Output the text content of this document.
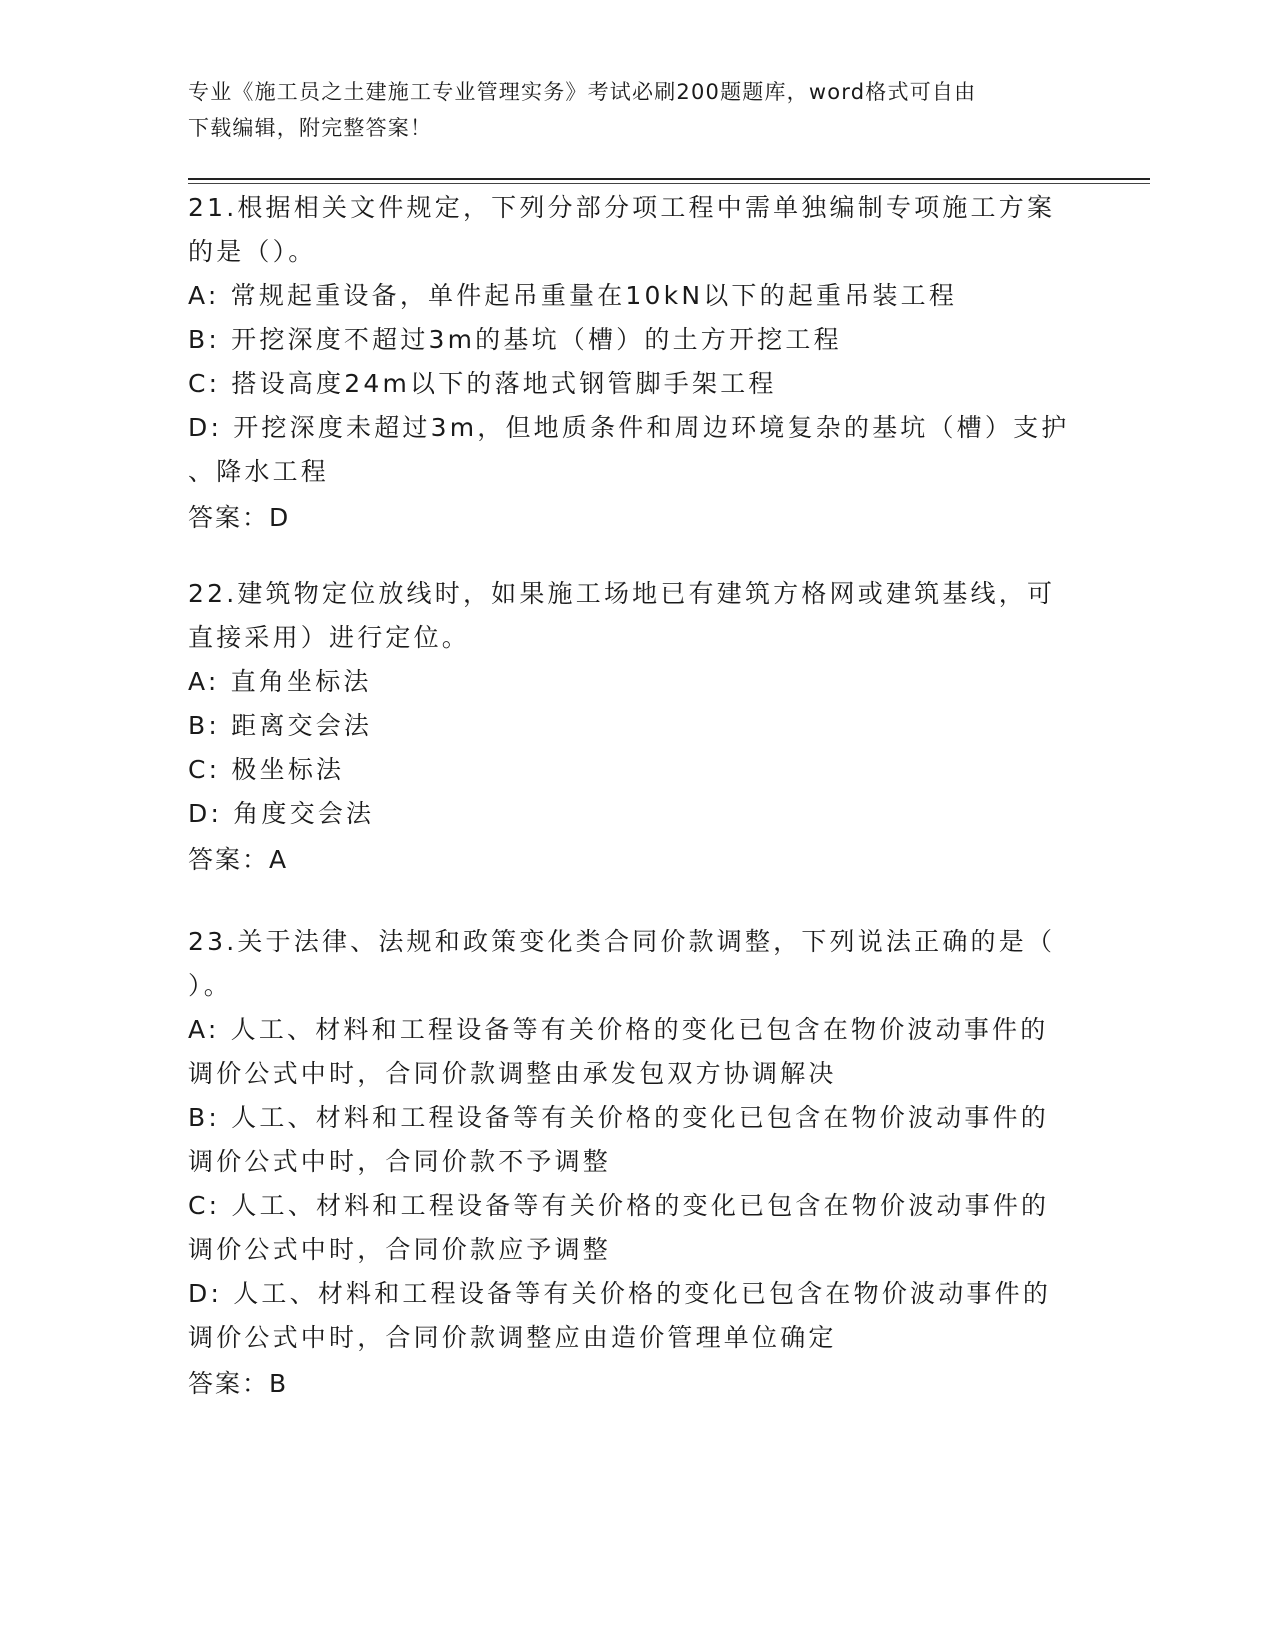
专业《施工员之土建施工专业管理实务》考试必刷200题题库，word格式可自由
下载编辑，附完整答案！

21.根据相关文件规定，下列分部分项工程中需单独编制专项施工方案

的是（）。

A: 常规起重设备，单件起吊重量在10kN以下的起重吊装工程

B: 开挖深度不超过3m的基坑（槽）的土方开挖工程

C: 搭设高度24m以下的落地式钢管脚手架工程

D: 开挖深度未超过3m，但地质条件和周边环境复杂的基坑（槽）支护

、降水工程

答案：D

22.建筑物定位放线时，如果施工场地已有建筑方格网或建筑基线，可

直接采用）进行定位。

A: 直角坐标法

B: 距离交会法

C: 极坐标法

D: 角度交会法

答案：A

23.关于法律、法规和政策变化类合同价款调整，下列说法正确的是（

）。

A: 人工、材料和工程设备等有关价格的变化已包含在物价波动事件的

调价公式中时，合同价款调整由承发包双方协调解决

B: 人工、材料和工程设备等有关价格的变化已包含在物价波动事件的

调价公式中时，合同价款不予调整

C: 人工、材料和工程设备等有关价格的变化已包含在物价波动事件的

调价公式中时，合同价款应予调整

D: 人工、材料和工程设备等有关价格的变化已包含在物价波动事件的

调价公式中时，合同价款调整应由造价管理单位确定

答案：B
